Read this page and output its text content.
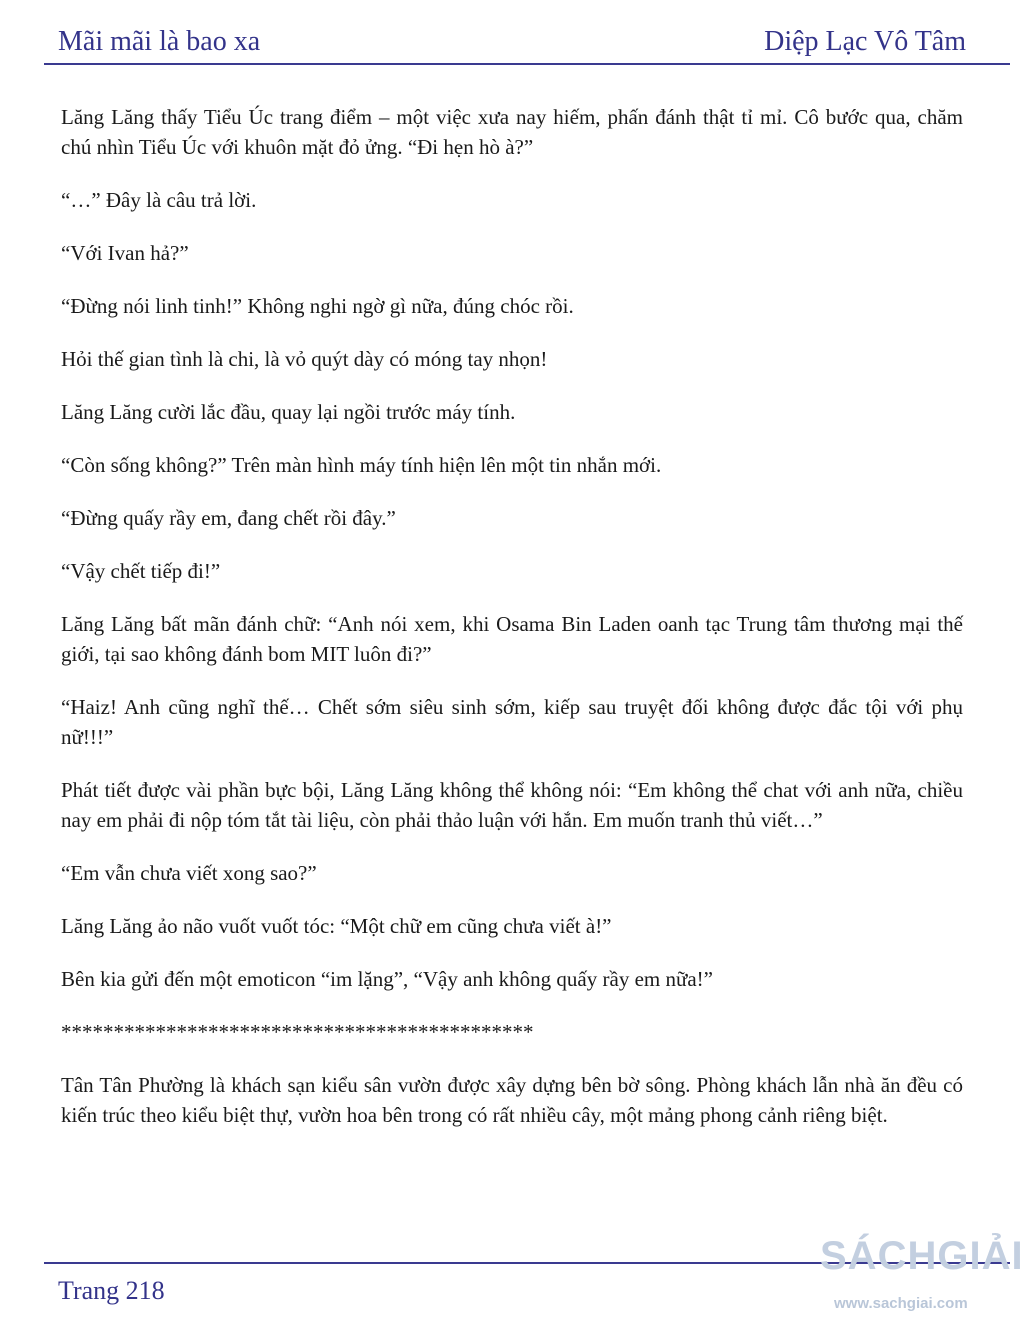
Mãi mãi là bao xa	Diệp Lạc Vô Tâm

Lăng Lăng thấy Tiểu Úc trang điểm – một việc xưa nay hiếm, phấn đánh thật tỉ mỉ. Cô bước qua, chăm chú nhìn Tiểu Úc với khuôn mặt đỏ ửng. “Đi hẹn hò à?”

“…” Đây là câu trả lời.

“Với Ivan hả?”

“Đừng nói linh tinh!” Không nghi ngờ gì nữa, đúng chóc rồi.

Hỏi thế gian tình là chi, là vỏ quýt dày có móng tay nhọn!

Lăng Lăng cười lắc đầu, quay lại ngồi trước máy tính.

“Còn sống không?” Trên màn hình máy tính hiện lên một tin nhắn mới.

“Đừng quấy rầy em, đang chết rồi đây.”

“Vậy chết tiếp đi!”

Lăng Lăng bất mãn đánh chữ: “Anh nói xem, khi Osama Bin Laden oanh tạc Trung tâm thương mại thế giới, tại sao không đánh bom MIT luôn đi?”

“Haiz! Anh cũng nghĩ thế… Chết sớm siêu sinh sớm, kiếp sau truyệt đối không được đắc tội với phụ nữ!!!”

Phát tiết được vài phần bực bội, Lăng Lăng không thể không nói: “Em không thể chat với anh nữa, chiều nay em phải đi nộp tóm tắt tài liệu, còn phải thảo luận với hắn. Em muốn tranh thủ viết…”

“Em vẫn chưa viết xong sao?”

Lăng Lăng ảo não vuốt vuốt tóc: “Một chữ em cũng chưa viết à!”

Bên kia gửi đến một emoticon “im lặng”, “Vậy anh không quấy rầy em nữa!”

*********************************************

Tân Tân Phường là khách sạn kiểu sân vườn được xây dựng bên bờ sông. Phòng khách lẫn nhà ăn đều có kiến trúc theo kiểu biệt thự, vườn hoa bên trong có rất nhiều cây, một mảng phong cảnh riêng biệt.

Trang 218
SÁCHGIẢI
www.sachgiai.com
